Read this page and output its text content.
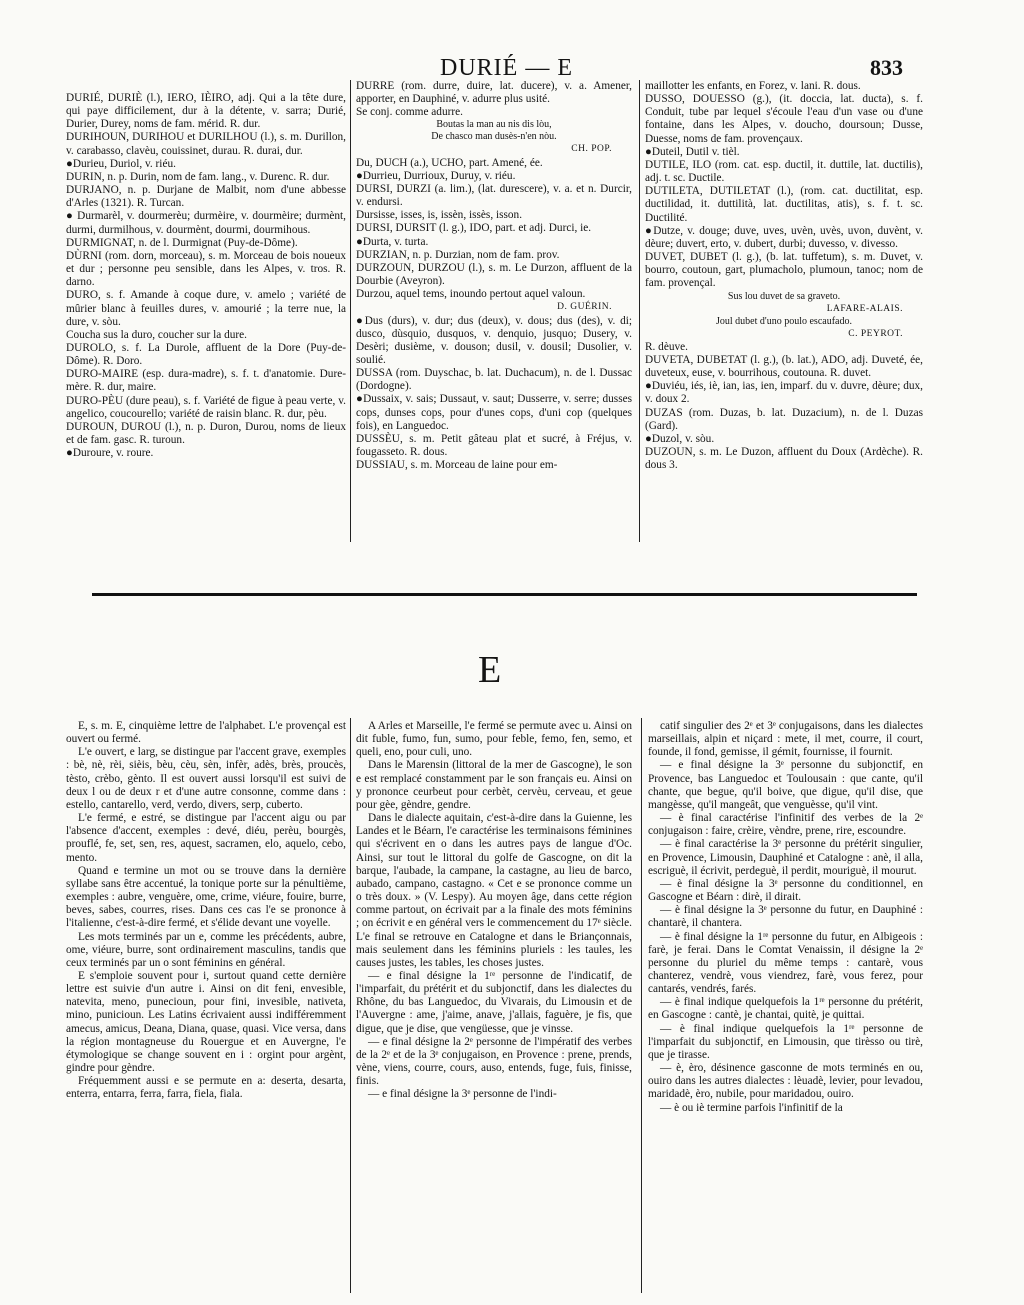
DURIÉ — E	833

DURIÉ, DURIÈ (l.), IERO, IÈIRO, adj. Qui a la tête dure, qui paye difficilement, dur à la détente, v. sarra; Durié, Durier, Durey, noms de fam. mérid. R. dur.

DURIHOUN, DURIHOU et DURILHOU (l.), s. m. Durillon, v. carabasso, clavèu, couissinet, durau. R. durai, dur.

●Durieu, Duriol, v. riéu.

DURIN, n. p. Durin, nom de fam. lang., v. Durenc. R. dur.

DURJANO, n. p. Durjane de Malbit, nom d'une abbesse d'Arles (1321). R. Turcan.

● Durmarèl, v. dourmerèu; durmèire, v. dourmèire; durmènt, durmi, durmilhous, v. dourmènt, dourmi, dourmihous.

DURMIGNAT, n. de l. Durmignat (Puy-de-Dôme).

DÙRNI (rom. dorn, morceau), s. m. Morceau de bois noueux et dur ; personne peu sensible, dans les Alpes, v. tros. R. darno.

DURO, s. f. Amande à coque dure, v. amelo ; variété de mûrier blanc à feuilles dures, v. amourié ; la terre nue, la dure, v. sòu.

Coucha sus la duro, coucher sur la dure.

DUROLO, s. f. La Durole, affluent de la Dore (Puy-de-Dôme). R. Doro.

DURO-MAIRE (esp. dura-madre), s. f. t. d'anatomie. Dure-mère. R. dur, maire.

DURO-PÈU (dure peau), s. f. Variété de figue à peau verte, v. angelico, coucourello; variété de raisin blanc. R. dur, pèu.

DUROUN, DUROU (l.), n. p. Duron, Durou, noms de lieux et de fam. gasc. R. turoun.

●Duroure, v. roure.

DURRE (rom. durre, duire, lat. ducere), v. a. Amener, apporter, en Dauphiné, v. adurre plus usité.

Se conj. comme adurre.

Boutas la man au nis dis lòu,

De chasco man dusès-n'en nòu.

CH. POP.

Du, DUCH (a.), UCHO, part. Amené, ée.

●Durrieu, Durrioux, Duruy, v. riéu.

DURSI, DURZI (a. lim.), (lat. durescere), v. a. et n. Durcir, v. endursi.

Dursisse, isses, is, issèn, issès, isson.

DURSI, DURSIT (l. g.), IDO, part. et adj. Durci, ie.

●Durta, v. turta.

DURZIAN, n. p. Durzian, nom de fam. prov.

DURZOUN, DURZOU (l.), s. m. Le Durzon, affluent de la Dourbie (Aveyron).

Durzou, aquel tems, inoundo pertout aquel valoun.

D. GUÉRIN.

●Dus (durs), v. dur; dus (deux), v. dous; dus (des), v. di; dusco, dùsquio, dusquos, v. denquio, jusquo; Dusery, v. Desèri; dusième, v. douson; dusil, v. dousil; Dusolier, v. soulié.

DUSSA (rom. Duyschac, b. lat. Duchacum), n. de l. Dussac (Dordogne).

●Dussaix, v. sais; Dussaut, v. saut; Dusserre, v. serre; dusses cops, dunses cops, pour d'unes cops, d'uni cop (quelques fois), en Languedoc.

DUSSÈU, s. m. Petit gâteau plat et sucré, à Fréjus, v. fougasseto. R. dous.

DUSSIAU, s. m. Morceau de laine pour em-

maillotter les enfants, en Forez, v. lani. R. dous.

DUSSO, DOUESSO (g.), (it. doccia, lat. ducta), s. f. Conduit, tube par lequel s'écoule l'eau d'un vase ou d'une fontaine, dans les Alpes, v. doucho, doursoun; Dusse, Duesse, noms de fam. provençaux.

●Duteil, Dutil v. tièl.

DUTILE, ILO (rom. cat. esp. ductil, it. duttile, lat. ductilis), adj. t. sc. Ductile.

DUTILETA, DUTILETAT (l.), (rom. cat. ductilitat, esp. ductilidad, it. duttilità, lat. ductilitas, atis), s. f. t. sc. Ductilité.

●Dutze, v. douge; duve, uves, uvèn, uvès, uvon, duvènt, v. dèure; duvert, erto, v. dubert, durbi; duvesso, v. divesso.

DUVET, DUBET (l. g.), (b. lat. tuffetum), s. m. Duvet, v. bourro, coutoun, gart, plumacholo, plumoun, tanoc; nom de fam. provençal.

Sus lou duvet de sa graveto.

LAFARE-ALAIS.

Joul dubet d'uno poulo escaufado.

C. PEYROT.

R. dèuve.

DUVETA, DUBETAT (l. g.), (b. lat.), ADO, adj. Duveté, ée, duveteux, euse, v. bourrihous, coutouna. R. duvet.

●Duviéu, iés, iè, ian, ias, ien, imparf. du v. duvre, dèure; dux, v. doux 2.

DUZAS (rom. Duzas, b. lat. Duzacium), n. de l. Duzas (Gard).

●Duzol, v. sòu.

DUZOUN, s. m. Le Duzon, affluent du Doux (Ardèche). R. dous 3.

E

E, s. m. E, cinquième lettre de l'alphabet. L'e provençal est ouvert ou fermé.

L'e ouvert, e larg, se distingue par l'accent grave, exemples : bè, nè, rèi, sièis, bèu, cèu, sèn, infèr, adès, brès, proucès, tèsto, crèbo, gènto. Il est ouvert aussi lorsqu'il est suivi de deux l ou de deux r et d'une autre consonne, comme dans : estello, cantarello, verd, verdo, divers, serp, cuberto.

L'e fermé, e estré, se distingue par l'accent aigu ou par l'absence d'accent, exemples : devé, diéu, perèu, bourgès, prouflé, fe, set, sen, res, aquest, sacramen, elo, aquelo, cebo, mento.

Quand e termine un mot ou se trouve dans la dernière syllabe sans être accentué, la tonique porte sur la pénultième, exemples : aubre, venguère, ome, crime, viéure, fouire, burre, beves, sabes, courres, rises. Dans ces cas l'e se prononce à l'italienne, c'est-à-dire fermé, et s'élide devant une voyelle.

Les mots terminés par un e, comme les précédents, aubre, ome, viéure, burre, sont ordinairement masculins, tandis que ceux terminés par un o sont féminins en général.

E s'emploie souvent pour i, surtout quand cette dernière lettre est suivie d'un autre i. Ainsi on dit feni, envesible, natevita, meno, punecioun, pour fini, invesible, nativeta, mino, punicioun. Les Latins écrivaient aussi indifféremment amecus, amicus, Deana, Diana, quase, quasi. Vice versa, dans la région montagneuse du Rouergue et en Auvergne, l'e étymologique se change souvent en i : orgint pour argènt, gindre pour gèndre.

Fréquemment aussi e se permute en a: deserta, desarta, enterra, entarra, ferra, farra, fiela, fiala.

A Arles et Marseille, l'e fermé se permute avec u. Ainsi on dit fuble, fumo, fun, sumo, pour feble, femo, fen, semo, et queli, eno, pour culi, uno.

Dans le Marensin (littoral de la mer de Gascogne), le son e est remplacé constamment par le son français eu. Ainsi on y prononce ceurbeut pour cerbèt, cervèu, cerveau, et geue pour gèe, gèndre, gendre.

Dans le dialecte aquitain, c'est-à-dire dans la Guienne, les Landes et le Béarn, l'e caractérise les terminaisons féminines qui s'écrivent en o dans les autres pays de langue d'Oc. Ainsi, sur tout le littoral du golfe de Gascogne, on dit la barque, l'aubade, la campane, la castagne, au lieu de barco, aubado, campano, castagno. « Cet e se prononce comme un o très doux. » (V. Lespy). Au moyen âge, dans cette région comme partout, on écrivait par a la finale des mots féminins ; on écrivit e en général vers le commencement du 17ᵉ siècle. L'e final se retrouve en Catalogne et dans le Briançonnais, mais seulement dans les féminins pluriels : les taules, les causes justes, les tables, les choses justes.

— e final désigne la 1ʳᵉ personne de l'indicatif, de l'imparfait, du prétérit et du subjonctif, dans les dialectes du Rhône, du bas Languedoc, du Vivarais, du Limousin et de l'Auvergne : ame, j'aime, anave, j'allais, faguère, je fis, que digue, que je dise, que vengüesse, que je vinsse.

— e final désigne la 2ᵉ personne de l'impératif des verbes de la 2ᵉ et de la 3ᵉ conjugaison, en Provence : prene, prends, vène, viens, courre, cours, auso, entends, fuge, fuis, finisse, finis.

— e final désigne la 3ᵉ personne de l'indi-

catif singulier des 2ᵉ et 3ᵉ conjugaisons, dans les dialectes marseillais, alpin et niçard : mete, il met, courre, il court, founde, il fond, gemisse, il gémit, fournisse, il fournit.

— e final désigne la 3ᵉ personne du subjonctif, en Provence, bas Languedoc et Toulousain : que cante, qu'il chante, que begue, qu'il boive, que digue, qu'il dise, que mangèsse, qu'il mangeât, que venguèsse, qu'il vint.

— è final caractérise l'infinitif des verbes de la 2ᵉ conjugaison : faire, crèire, vèndre, prene, rire, escoundre.

— è final caractérise la 3ᵉ personne du prétérit singulier, en Provence, Limousin, Dauphiné et Catalogne : anè, il alla, escriguè, il écrivit, perdeguè, il perdit, mouriguè, il mourut.

— è final désigne la 3ᵉ personne du conditionnel, en Gascogne et Béarn : dirè, il dirait.

— è final désigne la 3ᵉ personne du futur, en Dauphiné : chantarè, il chantera.

— è final désigne la 1ʳᵉ personne du futur, en Albigeois : farè, je ferai. Dans le Comtat Venaissin, il désigne la 2ᵉ personne du pluriel du même temps : cantarè, vous chanterez, vendrè, vous viendrez, farè, vous ferez, pour cantarés, vendrés, farés.

— è final indique quelquefois la 1ʳᵉ personne du prétérit, en Gascogne : cantè, je chantai, quitè, je quittai.

— è final indique quelquefois la 1ʳᵉ personne de l'imparfait du subjonctif, en Limousin, que tirèsso ou tirè, que je tirasse.

— è, èro, désinence gasconne de mots terminés en ou, ouiro dans les autres dialectes : lèuadè, levier, pour levadou, maridadè, èro, nubile, pour maridadou, ouiro.

— è ou iè termine parfois l'infinitif de la
